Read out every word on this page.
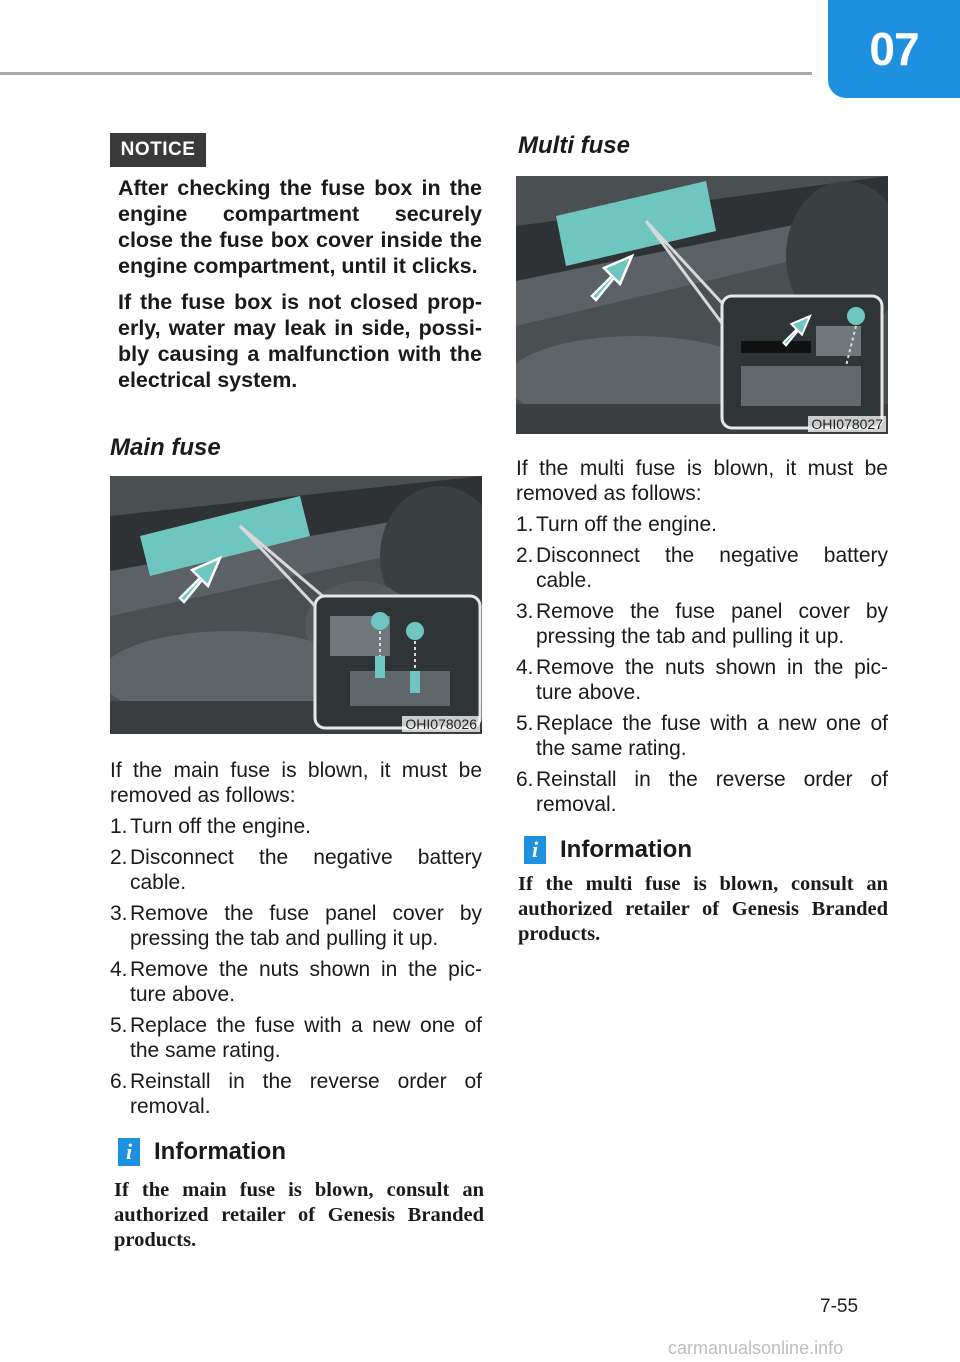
07
NOTICE

After checking the fuse box in the engine compartment securely close the fuse box cover inside the engine compartment, until it clicks.

If the fuse box is not closed prop-erly, water may leak in side, possi-bly causing a malfunction with the electrical system.

Main fuse
OHI078026

If the main fuse is blown, it must be removed as follows:

1. Turn off the engine.
2. Disconnect the negative battery cable.
3. Remove the fuse panel cover by pressing the tab and pulling it up.
4. Remove the nuts shown in the pic-ture above.
5. Replace the fuse with a new one of the same rating.
6. Reinstall in the reverse order of removal.
i Information
If the main fuse is blown, consult an authorized retailer of Genesis Branded products.
Multi fuse
OHI078027

If the multi fuse is blown, it must be removed as follows:

1. Turn off the engine.
2. Disconnect the negative battery cable.
3. Remove the fuse panel cover by pressing the tab and pulling it up.
4. Remove the nuts shown in the pic-ture above.
5. Replace the fuse with a new one of the same rating.
6. Reinstall in the reverse order of removal.
i Information
If the multi fuse is blown, consult an authorized retailer of Genesis Branded products.
7-55
carmanualsonline.info
